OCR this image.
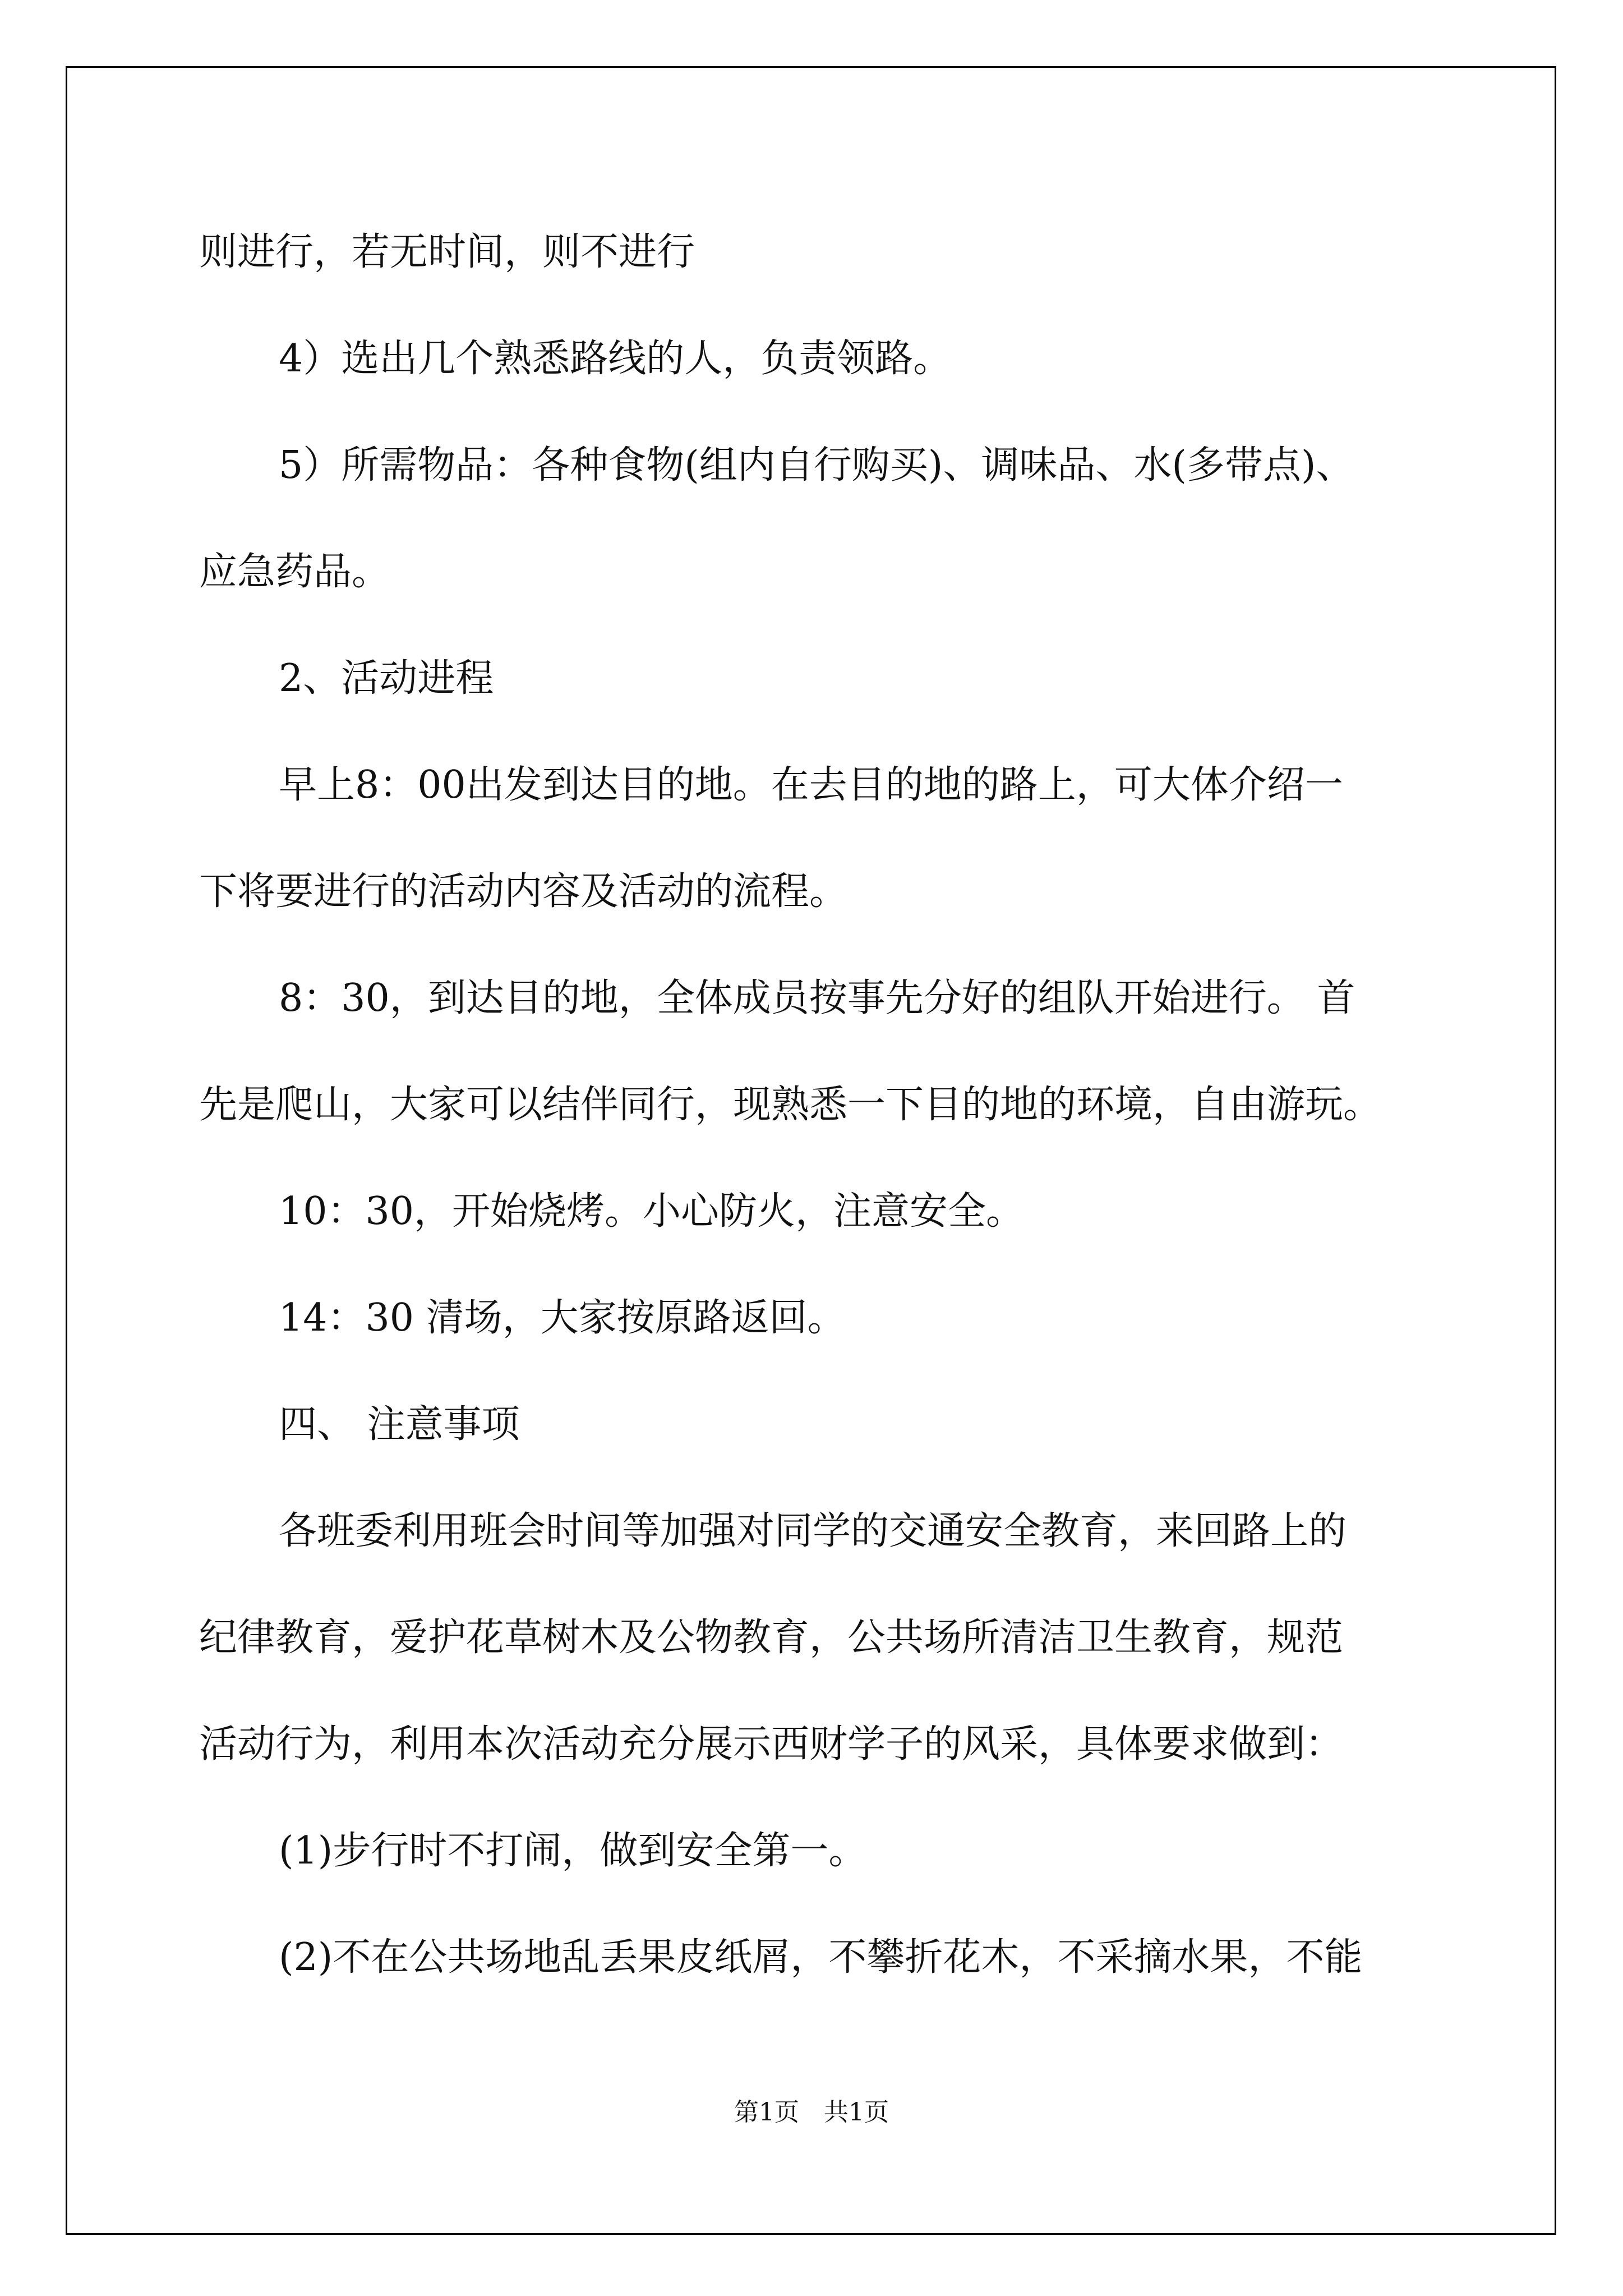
则进行，若无时间，则不进行

4）选出几个熟悉路线的人，负责领路。

5）所需物品：各种食物(组内自行购买)、调味品、水(多带点)、

应急药品。

2、活动进程

早上8：00出发到达目的地。在去目的地的路上，可大体介绍一

下将要进行的活动内容及活动的流程。

8：30，到达目的地，全体成员按事先分好的组队开始进行。 首

先是爬山，大家可以结伴同行，现熟悉一下目的地的环境，自由游玩。

10：30，开始烧烤。小心防火，注意安全。

14：30 清场，大家按原路返回。

四、 注意事项

各班委利用班会时间等加强对同学的交通安全教育，来回路上的

纪律教育，爱护花草树木及公物教育，公共场所清洁卫生教育，规范

活动行为，利用本次活动充分展示西财学子的风采，具体要求做到：

(1)步行时不打闹，做到安全第一。

(2)不在公共场地乱丢果皮纸屑，不攀折花木，不采摘水果，不能

第1页　共1页
